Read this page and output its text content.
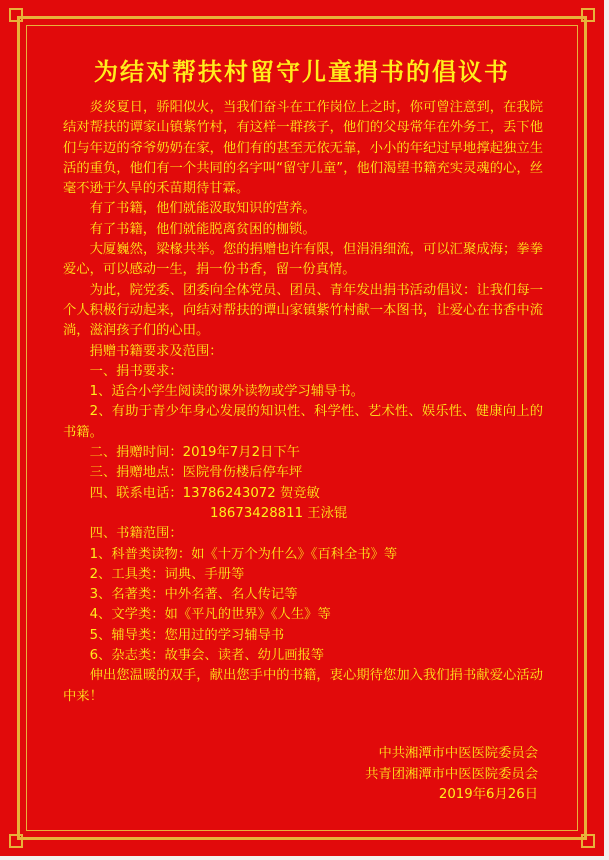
为结对帮扶村留守儿童捐书的倡议书

炎炎夏日，骄阳似火，当我们奋斗在工作岗位上之时，你可曾注意到，在我院结对帮扶的谭家山镇紫竹村，有这样一群孩子，他们的父母常年在外务工，丢下他们与年迈的爷爷奶奶在家，他们有的甚至无依无靠，小小的年纪过早地撑起独立生活的重负，他们有一个共同的名字叫“留守儿童”，他们渴望书籍充实灵魂的心，丝毫不逊于久旱的禾苗期待甘霖。

有了书籍，他们就能汲取知识的营养。

有了书籍，他们就能脱离贫困的枷锁。

大厦巍然，梁椽共举。您的捐赠也许有限，但涓涓细流，可以汇聚成海；拳拳爱心，可以感动一生，捐一份书香，留一份真情。

为此，院党委、团委向全体党员、团员、青年发出捐书活动倡议：让我们每一个人积极行动起来，向结对帮扶的谭山家镇紫竹村献一本图书，让爱心在书香中流淌，滋润孩子们的心田。

捐赠书籍要求及范围：

一、捐书要求：

1、适合小学生阅读的课外读物或学习辅导书。

2、有助于青少年身心发展的知识性、科学性、艺术性、娱乐性、健康向上的书籍。

二、捐赠时间：2019年7月2日下午

三、捐赠地点：医院骨伤楼后停车坪

四、联系电话：13786243072 贺竞敏

18673428811 王泳锟

四、书籍范围：

1、科普类读物：如《十万个为什么》《百科全书》等

2、工具类：词典、手册等

3、名著类：中外名著、名人传记等

4、文学类：如《平凡的世界》《人生》等

5、辅导类：您用过的学习辅导书

6、杂志类：故事会、读者、幼儿画报等

伸出您温暖的双手，献出您手中的书籍，衷心期待您加入我们捐书献爱心活动中来！

中共湘潭市中医医院委员会
共青团湘潭市中医医院委员会
2019年6月26日
